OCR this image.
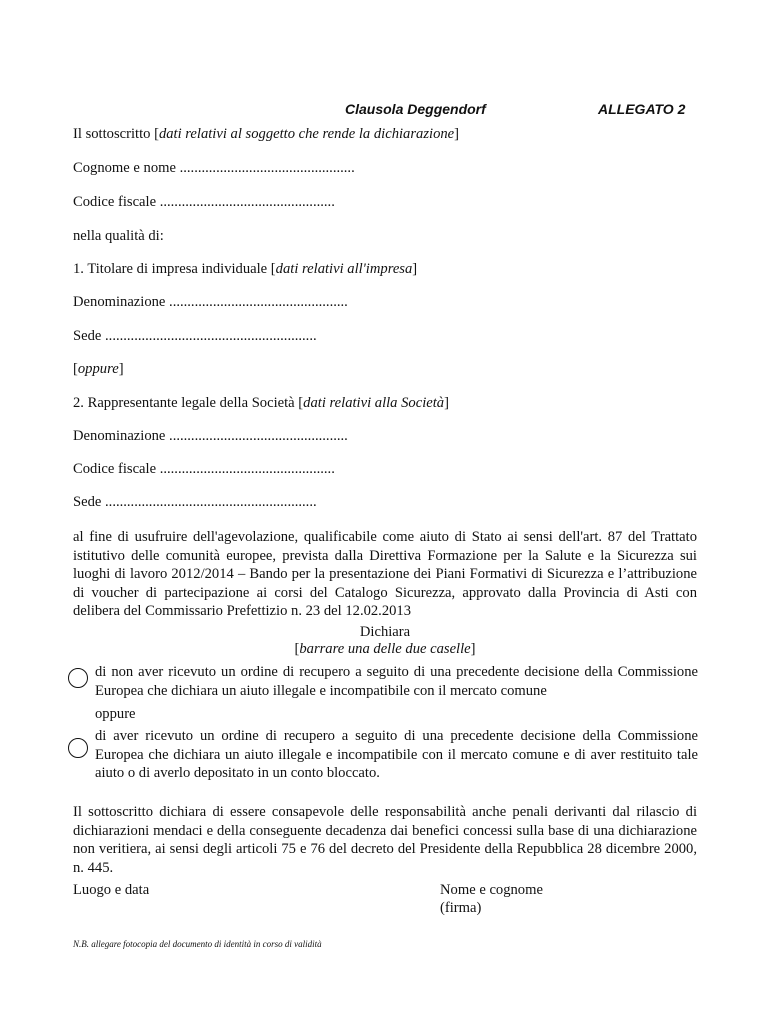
Clausola Deggendorf	ALLEGATO 2
Il sottoscritto [dati relativi al soggetto che rende la dichiarazione]
Cognome e nome ................................................
Codice fiscale ................................................
nella qualità di:
1. Titolare di impresa individuale [dati relativi all'impresa]
Denominazione .................................................
Sede ..........................................................
[oppure]
2. Rappresentante legale della Società [dati relativi alla Società]
Denominazione .................................................
Codice fiscale ................................................
Sede ..........................................................
al fine di usufruire dell'agevolazione, qualificabile come aiuto di Stato ai sensi dell'art. 87 del Trattato istitutivo delle comunità europee, prevista dalla Direttiva Formazione per la Salute e la Sicurezza sui luoghi di lavoro 2012/2014 – Bando per la presentazione dei Piani Formativi di Sicurezza e l’attribuzione di voucher di partecipazione ai corsi del Catalogo Sicurezza, approvato dalla Provincia di Asti con delibera del Commissario Prefettizio n. 23 del 12.02.2013
Dichiara
[barrare una delle due caselle]
di non aver ricevuto un ordine di recupero a seguito di una precedente decisione della Commissione Europea che dichiara un aiuto illegale e incompatibile con il mercato comune
oppure
di aver ricevuto un ordine di recupero a seguito di una precedente decisione della Commissione Europea che dichiara un aiuto illegale e incompatibile con il mercato comune e di aver restituito tale aiuto o di averlo depositato in un conto bloccato.
Il sottoscritto dichiara di essere consapevole delle responsabilità anche penali derivanti dal rilascio di dichiarazioni mendaci e della conseguente decadenza dai benefici concessi sulla base di una dichiarazione non veritiera, ai sensi degli articoli 75 e 76 del decreto del Presidente della Repubblica 28 dicembre 2000, n. 445.
Luogo e data	Nome e cognome
(firma)
N.B. allegare fotocopia del documento di identità in corso di validità
